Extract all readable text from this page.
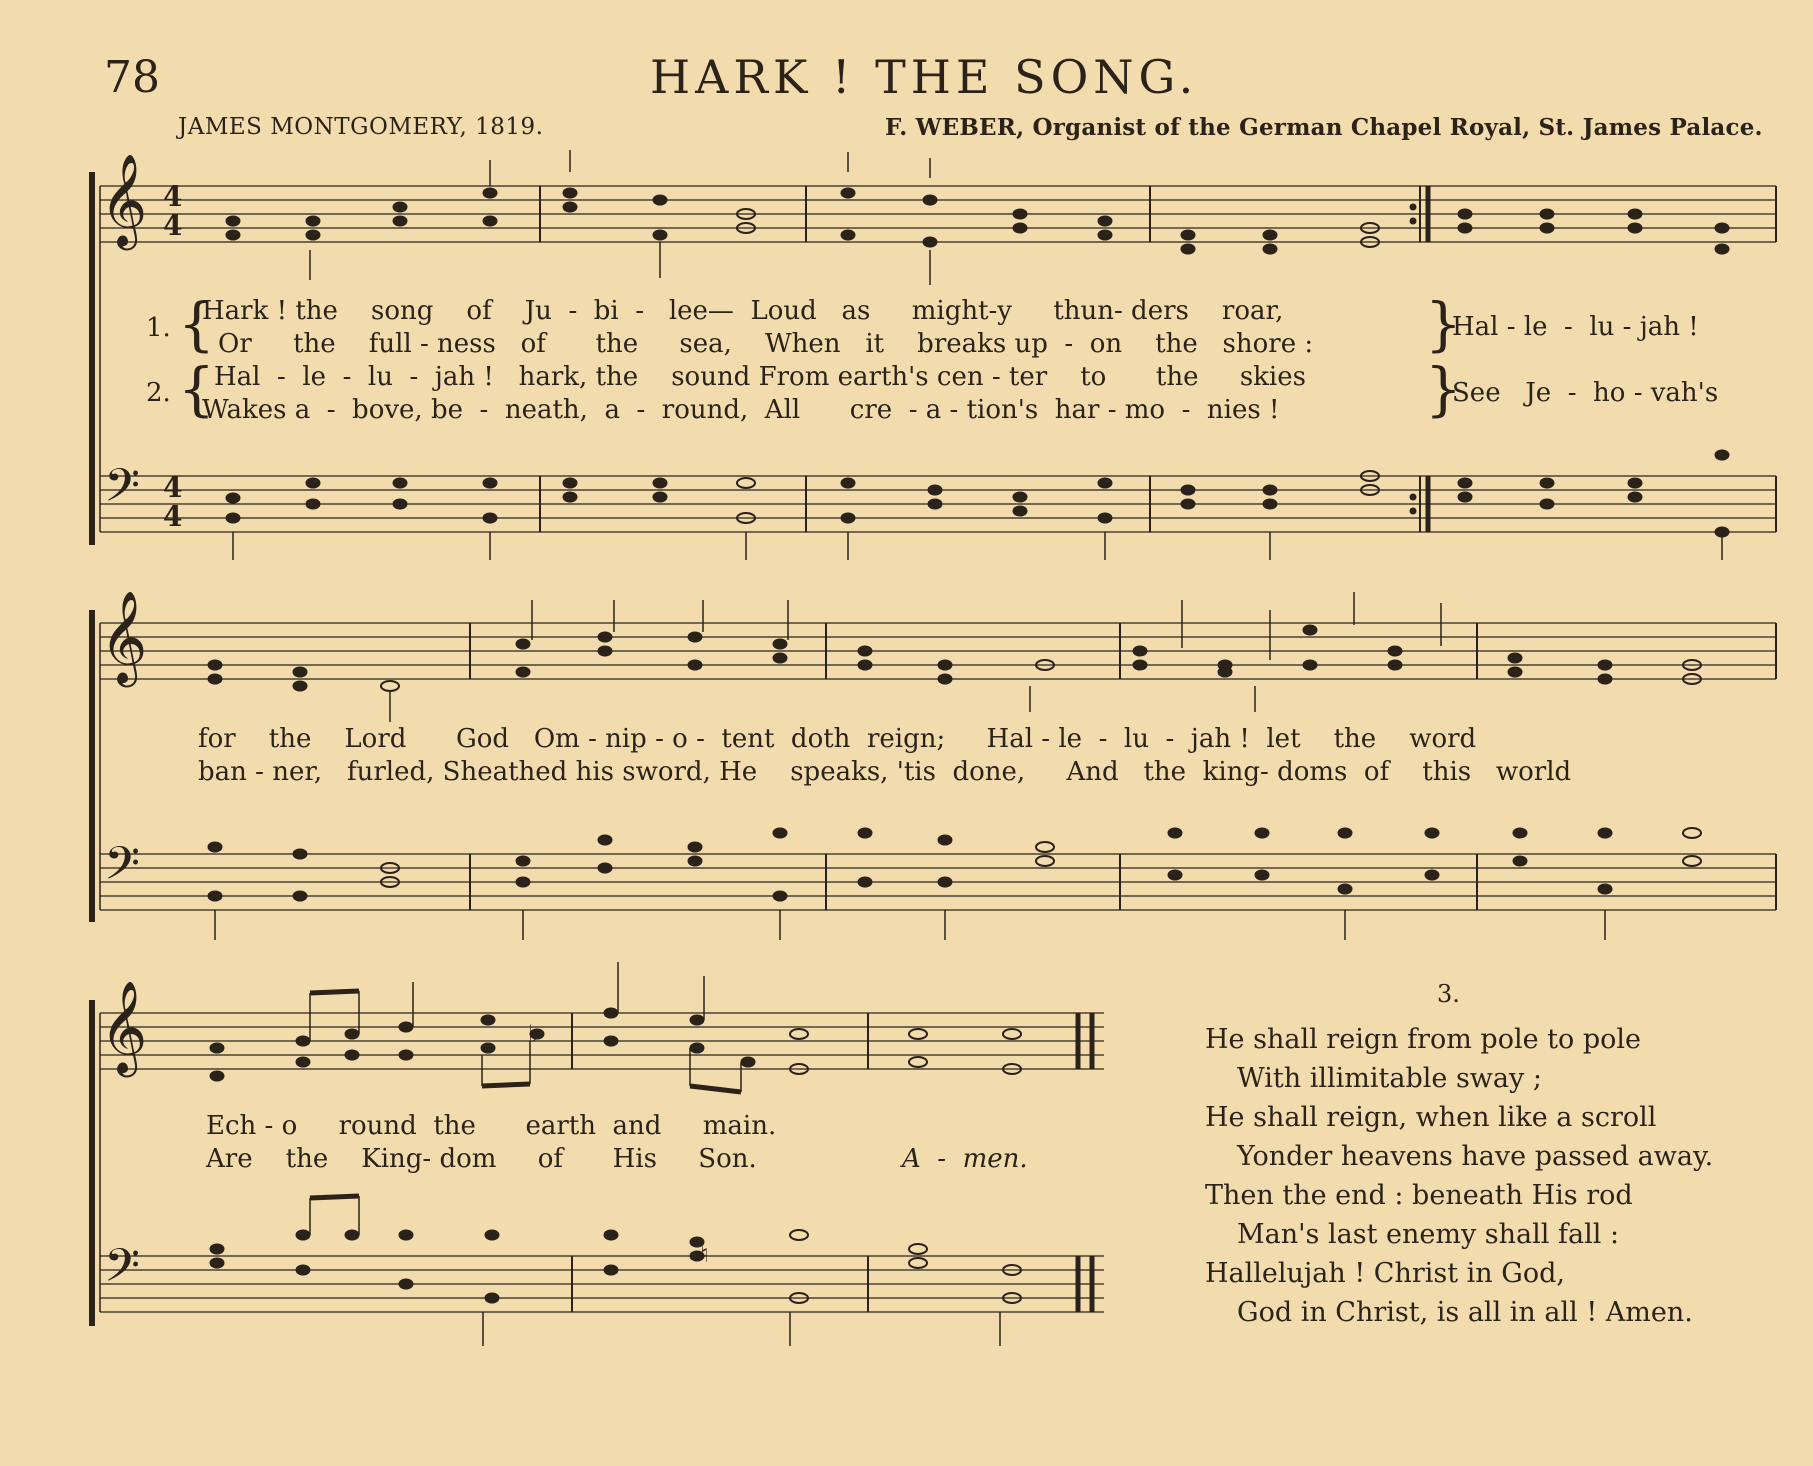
78	HARK ! THE SONG.
JAMES MONTGOMERY, 1819.	F. WEBER, Organist of the German Chapel Royal, St. James Palace.
♭
♮
𝄞
𝄢
4
4
4
4
𝄞
𝄢
𝄞
𝄢
1.
2.
{
{
Hark ! the    song    of    Ju  -  bi  -   lee—  Loud   as     might-y     thun- ders    roar,
Or     the    full - ness   of      the     sea,    When   it    breaks up  -  on    the   shore :
Hal  -  le  -  lu  -  jah !   hark, the    sound From earth's cen - ter    to      the     skies
Wakes a  -  bove, be  -  neath,  a  -  round,  All      cre  - a - tion's  har - mo  -  nies !
}
}
Hal - le  -  lu - jah !
See   Je  -  ho - vah's
for    the    Lord      God   Om - nip - o -  tent  doth  reign;     Hal - le  -  lu  -  jah !  let    the    word
ban - ner,   furled, Sheathed his sword, He    speaks, 'tis  done,     And   the  king- doms  of    this   world
Ech - o     round  the      earth  and     main.
Are    the    King- dom     of      His     Son.	A  -  men.
3.
He shall reign from pole to pole
With illimitable sway ;
He shall reign, when like a scroll
Yonder heavens have passed away.
Then the end : beneath His rod
Man's last enemy shall fall :
Hallelujah ! Christ in God,
God in Christ, is all in all ! Amen.
